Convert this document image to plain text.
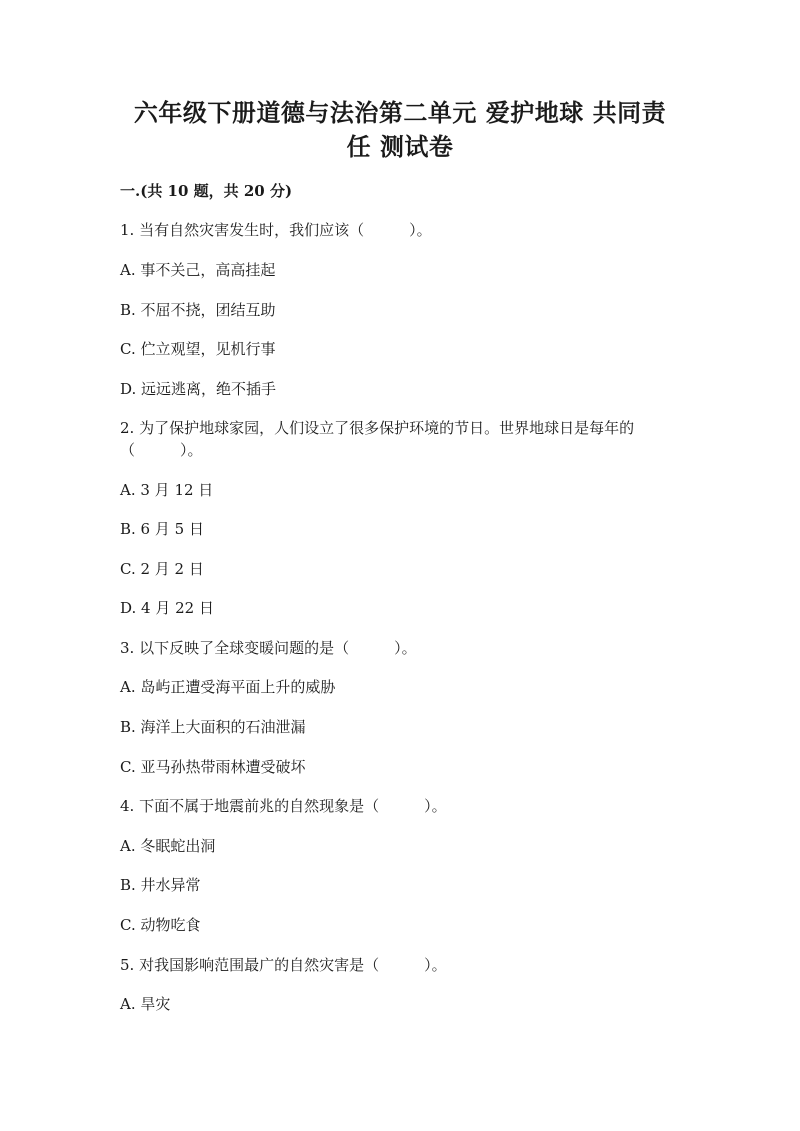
六年级下册道德与法治第二单元 爱护地球 共同责
任 测试卷

一.(共 10 题，共 20 分)

1. 当有自然灾害发生时，我们应该（　　　）。

A. 事不关己，高高挂起

B. 不屈不挠，团结互助

C. 伫立观望，见机行事

D. 远远逃离，绝不插手

2. 为了保护地球家园，人们设立了很多保护环境的节日。世界地球日是每年的

（　　　）。

A. 3 月 12 日

B. 6 月 5 日

C. 2 月 2 日

D. 4 月 22 日

3. 以下反映了全球变暖问题的是（　　　）。

A. 岛屿正遭受海平面上升的威胁

B. 海洋上大面积的石油泄漏

C. 亚马孙热带雨林遭受破坏

4. 下面不属于地震前兆的自然现象是（　　　）。

A. 冬眠蛇出洞

B. 井水异常

C. 动物吃食

5. 对我国影响范围最广的自然灾害是（　　　）。

A. 旱灾
